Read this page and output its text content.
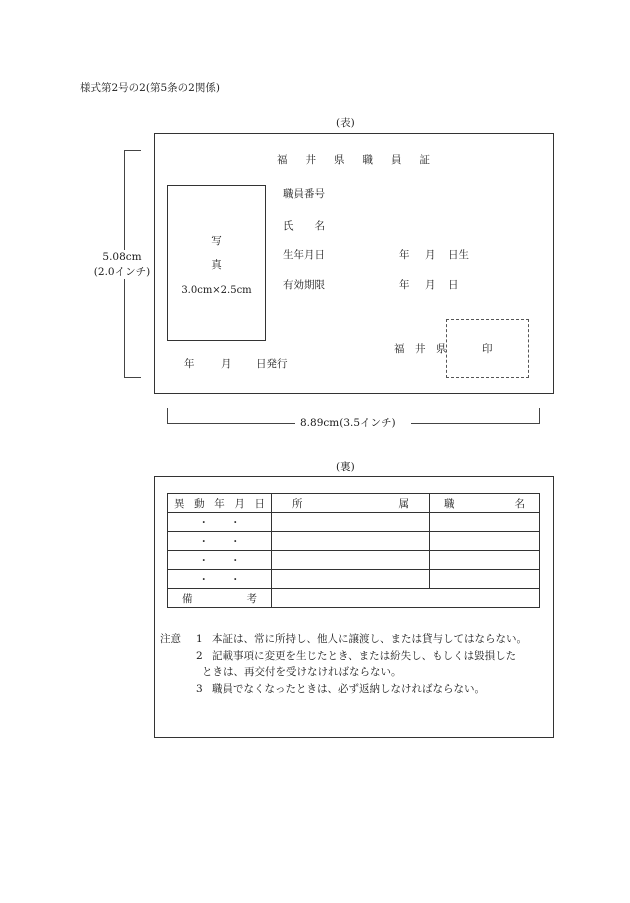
様式第2号の2(第5条の2関係)
(表)
5.08cm
(2.0インチ)
福 井 県 職 員 証
写
真
3.0cm×2.5cm
職員番号
氏　　名
生年月日	年 月 日生
有効期限	年 月 日
年	月 日発行
福　井　県	印
8.89cm(3.5インチ)
(裏)
異 動 年 月 日	所 属	職 名

・　　・		
・　　・		
・　　・		
・　　・		

備 考		

注意 1 本証は、常に所持し、他人に譲渡し、または貸与してはならない。
2 記載事項に変更を生じたとき、または紛失し、もしくは毀損した
ときは、再交付を受けなければならない。
3 職員でなくなったときは、必ず返納しなければならない。
